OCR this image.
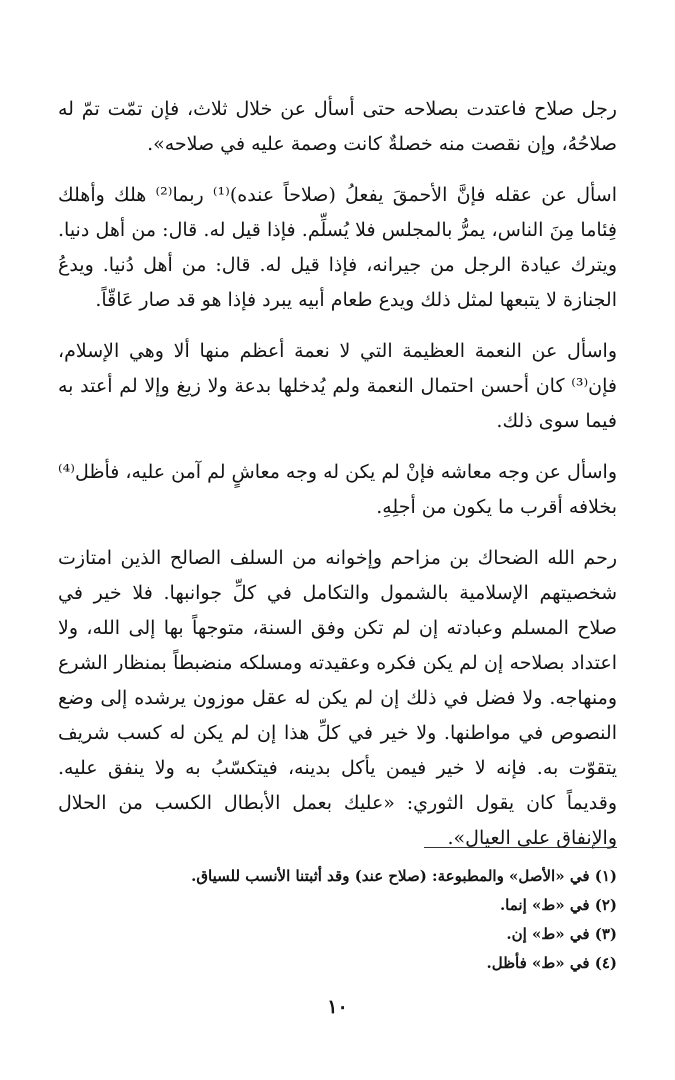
رجل صلاح فاعتدت بصلاحه حتى أسأل عن خلال ثلاث، فإن تمّت تمّ له صلاحُهُ، وإن نقصت منه خصلةٌ كانت وصمة عليه في صلاحه».

اسأل عن عقله فإنَّ الأحمقَ يفعلُ (صلاحاً عنده)⁽¹⁾ ربما⁽²⁾ هلك وأهلك فِئاما مِنَ الناس، يمرُّ بالمجلس فلا يُسلِّم. فإذا قيل له. قال: من أهل دنيا. ويترك عيادة الرجل من جيرانه، فإذا قيل له. قال: من أهل دُنيا. ويدعُ الجنازة لا يتبعها لمثل ذلك ويدع طعام أبيه يبرد فإذا هو قد صار عَاقّاً.

واسأل عن النعمة العظيمة التي لا نعمة أعظم منها ألا وهي الإسلام، فإن⁽³⁾ كان أحسن احتمال النعمة ولم يُدخلها بدعة ولا زيغ وإلا لم أعتد به فيما سوى ذلك.

واسأل عن وجه معاشه فإنْ لم يكن له وجه معاشٍ لم آمن عليه، فأظل⁽⁴⁾ بخلافه أقرب ما يكون من أجلِهِ.

رحم الله الضحاك بن مزاحم وإخوانه من السلف الصالح الذين امتازت شخصيتهم الإسلامية بالشمول والتكامل في كلِّ جوانبها. فلا خير في صلاح المسلم وعبادته إن لم تكن وفق السنة، متوجهاً بها إلى الله، ولا اعتداد بصلاحه إن لم يكن فكره وعقيدته ومسلكه منضبطاً بمنظار الشرع ومنهاجه. ولا فضل في ذلك إن لم يكن له عقل موزون يرشده إلى وضع النصوص في مواطنها. ولا خير في كلِّ هذا إن لم يكن له كسب شريف يتقوّت به. فإنه لا خير فيمن يأكل بدينه، فيتكسّبُ به ولا ينفق عليه. وقديماً كان يقول الثوري: «عليك بعمل الأبطال الكسب من الحلال والإنفاق على العيال».

(١) في «الأصل» والمطبوعة: (صلاح عند) وقد أثبتنا الأنسب للسياق.

(٢) في «ط» إنما.

(٣) في «ط» إن.

(٤) في «ط» فأظل.

١٠
